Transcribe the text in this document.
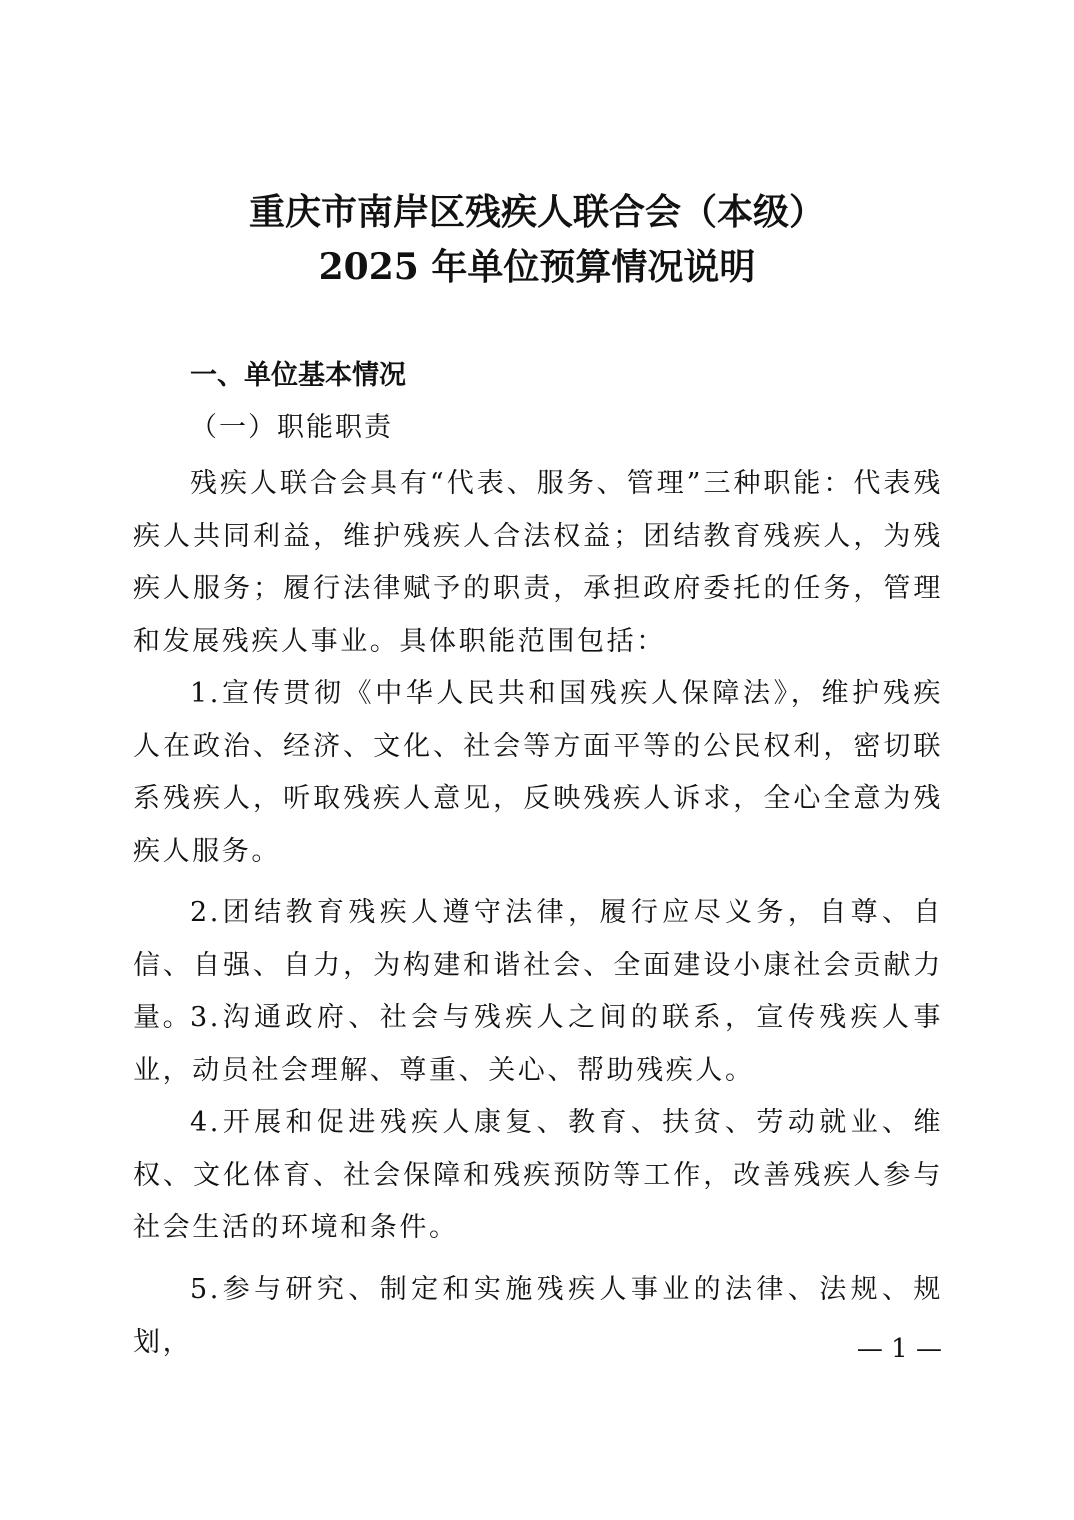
重庆市南岸区残疾人联合会（本级）
2025 年单位预算情况说明
一、单位基本情况
（一）职能职责

残疾人联合会具有“代表、服务、管理”三种职能：代表残疾人共同利益，维护残疾人合法权益；团结教育残疾人，为残疾人服务；履行法律赋予的职责，承担政府委托的任务，管理和发展残疾人事业。具体职能范围包括：

1.宣传贯彻《中华人民共和国残疾人保障法》，维护残疾人在政治、经济、文化、社会等方面平等的公民权利，密切联系残疾人，听取残疾人意见，反映残疾人诉求，全心全意为残疾人服务。

2.团结教育残疾人遵守法律，履行应尽义务，自尊、自信、自强、自力，为构建和谐社会、全面建设小康社会贡献力量。

3.沟通政府、社会与残疾人之间的联系，宣传残疾人事业，动员社会理解、尊重、关心、帮助残疾人。

4.开展和促进残疾人康复、教育、扶贫、劳动就业、维权、文化体育、社会保障和残疾预防等工作，改善残疾人参与社会生活的环境和条件。

5.参与研究、制定和实施残疾人事业的法律、法规、规划，	— 1 —
